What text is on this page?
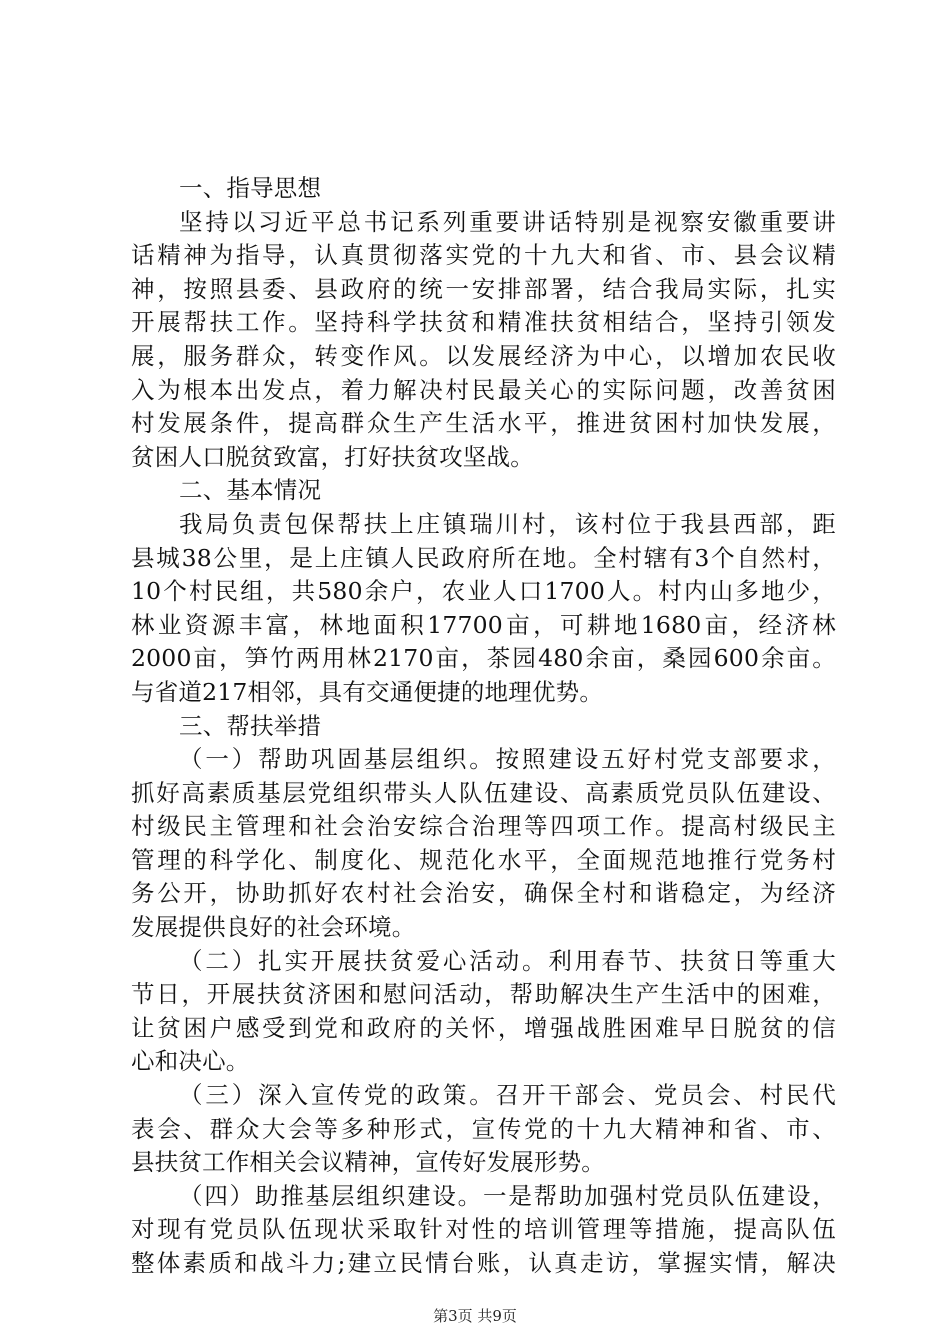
一、指导思想
坚持以习近平总书记系列重要讲话特别是视察安徽重要讲
话精神为指导，认真贯彻落实党的十九大和省、市、县会议精
神，按照县委、县政府的统一安排部署，结合我局实际，扎实
开展帮扶工作。坚持科学扶贫和精准扶贫相结合，坚持引领发
展，服务群众，转变作风。以发展经济为中心，以增加农民收
入为根本出发点，着力解决村民最关心的实际问题，改善贫困
村发展条件，提高群众生产生活水平，推进贫困村加快发展，
贫困人口脱贫致富，打好扶贫攻坚战。
二、基本情况
我局负责包保帮扶上庄镇瑞川村，该村位于我县西部，距
县城38公里，是上庄镇人民政府所在地。全村辖有3个自然村，
10个村民组，共580余户，农业人口1700人。村内山多地少，
林业资源丰富，林地面积17700亩，可耕地1680亩，经济林
2000亩，笋竹两用林2170亩，茶园480余亩，桑园600余亩。
与省道217相邻，具有交通便捷的地理优势。
三、帮扶举措
（一）帮助巩固基层组织。按照建设五好村党支部要求，
抓好高素质基层党组织带头人队伍建设、高素质党员队伍建设、
村级民主管理和社会治安综合治理等四项工作。提高村级民主
管理的科学化、制度化、规范化水平，全面规范地推行党务村
务公开，协助抓好农村社会治安，确保全村和谐稳定，为经济
发展提供良好的社会环境。
（二）扎实开展扶贫爱心活动。利用春节、扶贫日等重大
节日，开展扶贫济困和慰问活动，帮助解决生产生活中的困难，
让贫困户感受到党和政府的关怀，增强战胜困难早日脱贫的信
心和决心。
（三）深入宣传党的政策。召开干部会、党员会、村民代
表会、群众大会等多种形式，宣传党的十九大精神和省、市、
县扶贫工作相关会议精神，宣传好发展形势。
（四）助推基层组织建设。一是帮助加强村党员队伍建设，
对现有党员队伍现状采取针对性的培训管理等措施，提高队伍
整体素质和战斗力;建立民情台账，认真走访，掌握实情，解决
第3页 共9页
